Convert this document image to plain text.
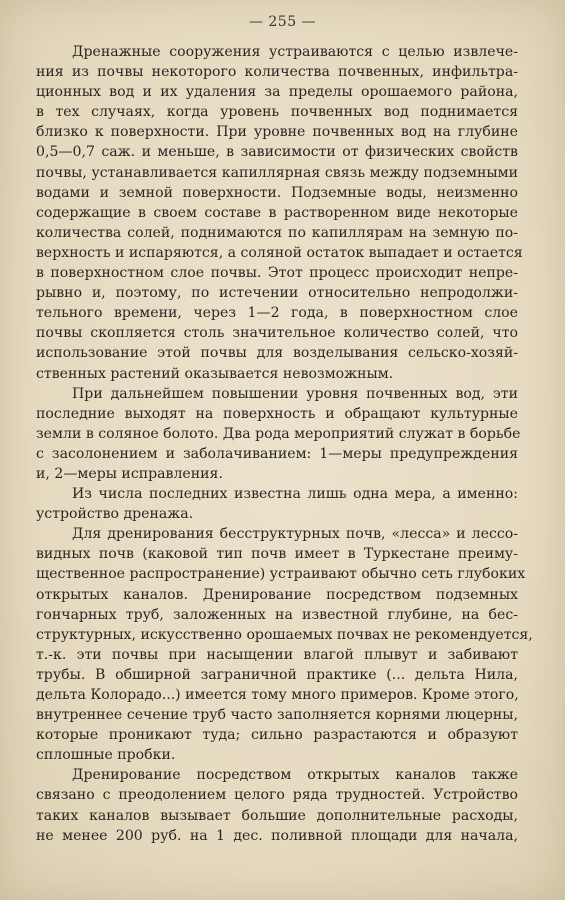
— 255 —
Дренажные сооружения устраиваются с целью извлече-
ния из почвы некоторого количества почвенных, инфильтра-
ционных вод и их удаления за пределы орошаемого района,
в тех случаях, когда уровень почвенных вод поднимается
близко к поверхности. При уровне почвенных вод на глубине
0,5—0,7 саж. и меньше, в зависимости от физических свойств
почвы, устанавливается капиллярная связь между подземными
водами и земной поверхности. Подземные воды, неизменно
содержащие в своем составе в растворенном виде некоторые
количества солей, поднимаются по капиллярам на земную по-
верхность и испаряются, а соляной остаток выпадает и остается
в поверхностном слое почвы. Этот процесс происходит непре-
рывно и, поэтому, по истечении относительно непродолжи-
тельного времени, через 1—2 года, в поверхностном слое
почвы скопляется столь значительное количество солей, что
использование этой почвы для возделывания сельско-хозяй-
ственных растений оказывается невозможным.
При дальнейшем повышении уровня почвенных вод, эти
последние выходят на поверхность и обращают культурные
земли в соляное болото. Два рода мероприятий служат в борьбе
с засолонением и заболачиванием: 1—меры предупреждения
и, 2—меры исправления.
Из числа последних известна лишь одна мера, а именно:
устройство дренажа.
Для дренирования бесструктурных почв, «лесса» и лессо-
видных почв (каковой тип почв имеет в Туркестане преиму-
щественное распространение) устраивают обычно сеть глубоких
открытых каналов. Дренирование посредством подземных
гончарных труб, заложенных на известной глубине, на бес-
структурных, искусственно орошаемых почвах не рекомендуется,
т.-к. эти почвы при насыщении влагой плывут и забивают
трубы. В обширной заграничной практике (... дельта Нила,
дельта Колорадо...) имеется тому много примеров. Кроме этого,
внутреннее сечение труб часто заполняется корнями люцерны,
которые проникают туда; сильно разрастаются и образуют
сплошные пробки.
Дренирование посредством открытых каналов также
связано с преодолением целого ряда трудностей. Устройство
таких каналов вызывает большие дополнительные расходы,
не менее 200 руб. на 1 дес. поливной площади для начала,
